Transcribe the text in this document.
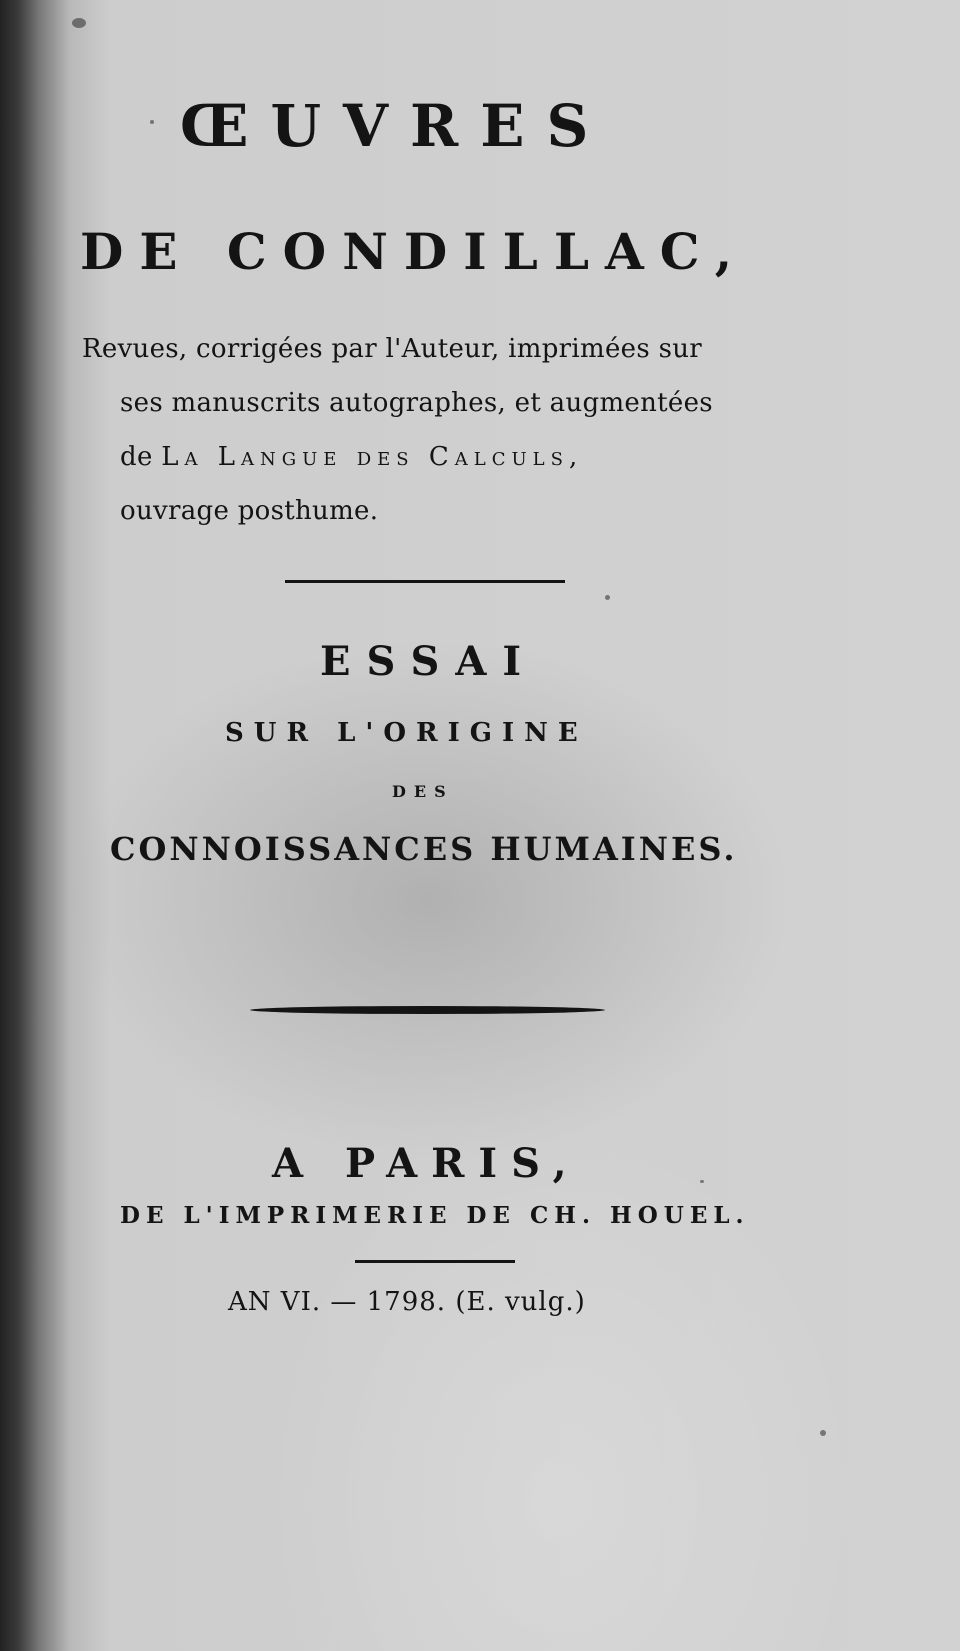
ŒUVRES
DE CONDILLAC,
Revues, corrigées par l'Auteur, imprimées sur
ses manuscrits autographes, et augmentées
de La Langue des Calculs,
ouvrage posthume.
ESSAI
SUR L'ORIGINE
DES
CONNOISSANCES HUMAINES.
A PARIS,
DE L'IMPRIMERIE DE CH. HOUEL.
AN VI. — 1798. (E. vulg.)
